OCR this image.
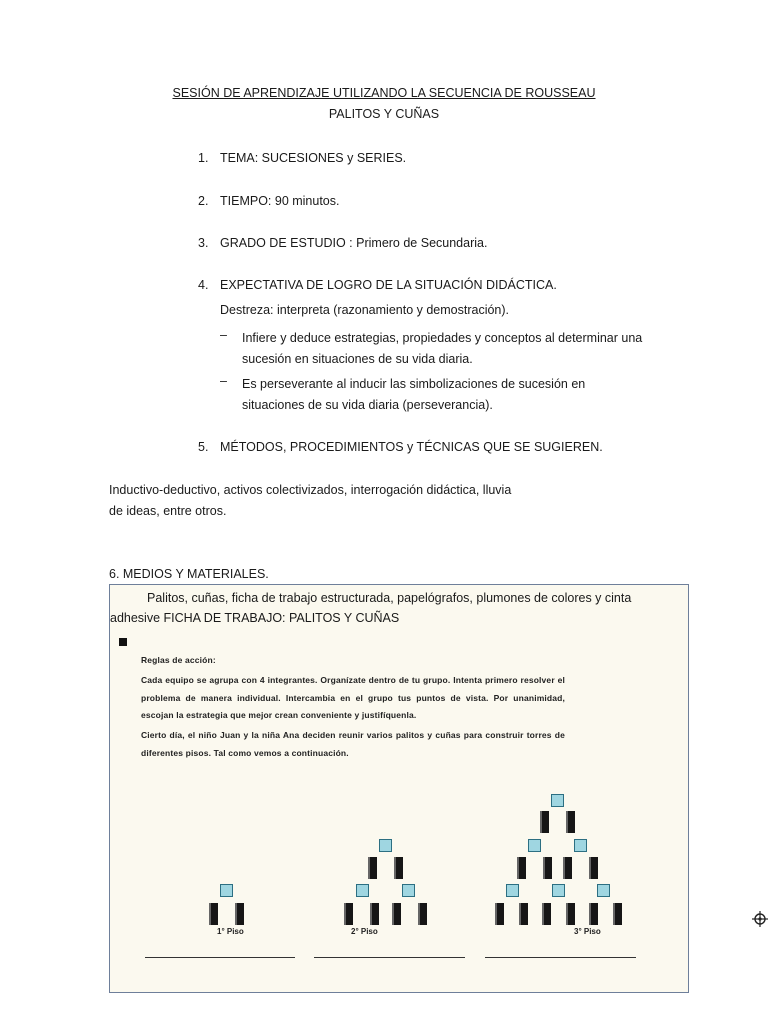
SESIÓN DE APRENDIZAJE UTILIZANDO LA SECUENCIA DE ROUSSEAU
PALITOS Y CUÑAS
1. TEMA: SUCESIONES y SERIES.
2. TIEMPO: 90 minutos.
3. GRADO DE ESTUDIO : Primero de Secundaria.
4. EXPECTATIVA DE LOGRO DE LA SITUACIÓN DIDÁCTICA.
Destreza: interpreta (razonamiento y demostración).
–	Infiere y deduce estrategias, propiedades y conceptos al determinar una
sucesión en situaciones de su vida diaria.
–	Es perseverante al inducir las simbolizaciones de sucesión en
situaciones de su vida diaria (perseverancia).
5. MÉTODOS, PROCEDIMIENTOS y TÉCNICAS QUE SE SUGIEREN.
Inductivo-deductivo, activos colectivizados, interrogación didáctica, lluvia
de ideas, entre otros.
6. MEDIOS Y MATERIALES.
Palitos, cuñas, ficha de trabajo estructurada, papelógrafos, plumones de colores y cinta
adhesive FICHA DE TRABAJO: PALITOS Y CUÑAS
Reglas de acción:
Cada equipo se agrupa con 4 integrantes. Organízate dentro de tu grupo. Intenta primero resolver el problema de manera individual. Intercambia en el grupo tus puntos de vista. Por unanimidad, escojan la estrategia que mejor crean conveniente y justifíquenla.
Cierto día, el niño Juan y la niña Ana deciden reunir varios palitos y cuñas para construir torres de diferentes pisos. Tal como vemos a continuación.
1° Piso	2° Piso	3° Piso
